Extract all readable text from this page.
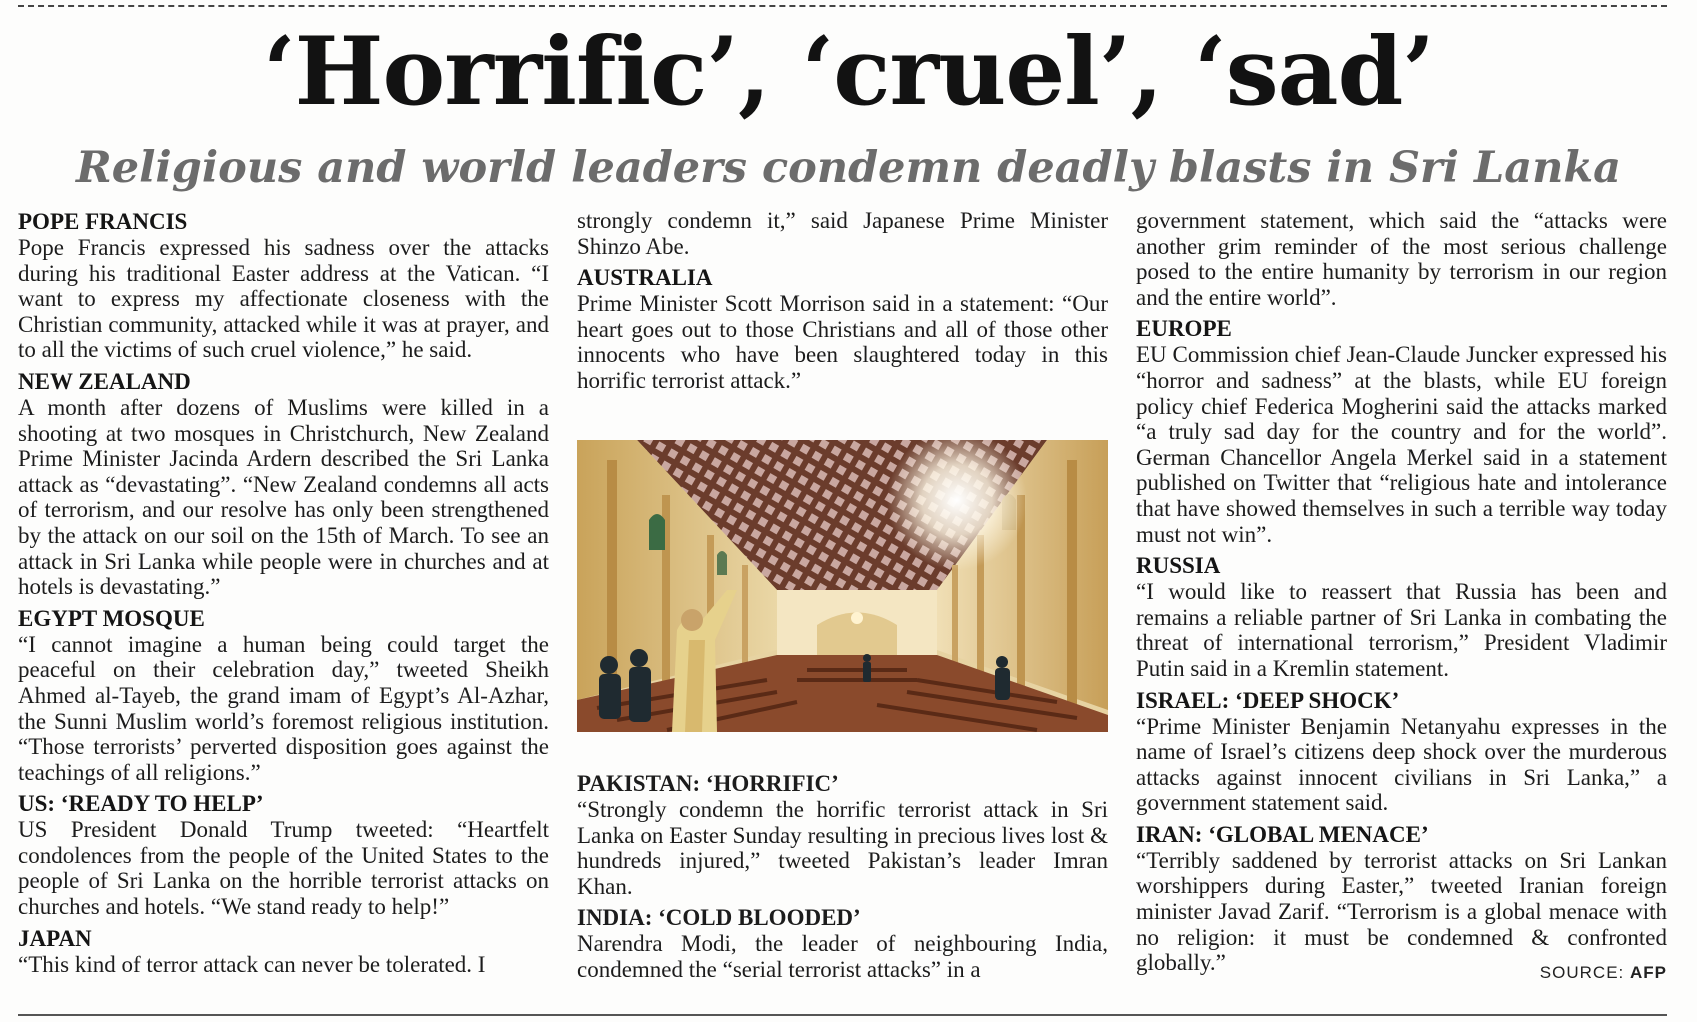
‘Horrific’, ‘cruel’, ‘sad’
Religious and world leaders condemn deadly blasts in Sri Lanka
POPE FRANCIS

Pope Francis expressed his sadness over the attacks during his traditional Easter address at the Vatican. “I want to express my affectionate closeness with the Christian community, attacked while it was at prayer, and to all the victims of such cruel violence,” he said.

NEW ZEALAND

A month after dozens of Muslims were killed in a shooting at two mosques in Christchurch, New Zealand Prime Minister Jacinda Ardern described the Sri Lanka attack as “devastating”. “New Zealand condemns all acts of terrorism, and our resolve has only been strengthened by the attack on our soil on the 15th of March. To see an attack in Sri Lanka while people were in churches and at hotels is devastating.”

EGYPT MOSQUE

“I cannot imagine a human being could target the peaceful on their celebration day,” tweeted Sheikh Ahmed al-Tayeb, the grand imam of Egypt’s Al-Azhar, the Sunni Muslim world’s foremost religious institution. “Those terrorists’ perverted disposition goes against the teachings of all religions.”

US: ‘READY TO HELP’

US President Donald Trump tweeted: “Heartfelt condolences from the people of the United States to the people of Sri Lanka on the horrible terrorist attacks on churches and hotels. “We stand ready to help!”

JAPAN

“This kind of terror attack can never be tolerated. I

strongly condemn it,” said Japanese Prime Minister Shinzo Abe.

AUSTRALIA

Prime Minister Scott Morrison said in a statement: “Our heart goes out to those Christians and all of those other innocents who have been slaughtered today in this horrific terrorist attack.”

PAKISTAN: ‘HORRIFIC’

“Strongly condemn the horrific terrorist attack in Sri Lanka on Easter Sunday resulting in precious lives lost & hundreds injured,” tweeted Pakistan’s leader Imran Khan.

INDIA: ‘COLD BLOODED’

Narendra Modi, the leader of neighbouring India, condemned the “serial terrorist attacks” in a

government statement, which said the “attacks were another grim reminder of the most serious challenge posed to the entire humanity by terrorism in our region and the entire world”.

EUROPE

EU Commission chief Jean-Claude Juncker expressed his “horror and sadness” at the blasts, while EU foreign policy chief Federica Mogherini said the attacks marked “a truly sad day for the country and for the world”. German Chancellor Angela Merkel said in a statement published on Twitter that “religious hate and intolerance that have showed themselves in such a terrible way today must not win”.

RUSSIA

“I would like to reassert that Russia has been and remains a reliable partner of Sri Lanka in combating the threat of international terrorism,” President Vladimir Putin said in a Kremlin statement.

ISRAEL: ‘DEEP SHOCK’

“Prime Minister Benjamin Netanyahu expresses in the name of Israel’s citizens deep shock over the murderous attacks against innocent civilians in Sri Lanka,” a government statement said.

IRAN: ‘GLOBAL MENACE’

“Terribly saddened by terrorist attacks on Sri Lankan worshippers during Easter,” tweeted Iranian foreign minister Javad Zarif. “Terrorism is a global menace with no religion: it must be condemned & confronted globally.”	SOURCE: AFP
